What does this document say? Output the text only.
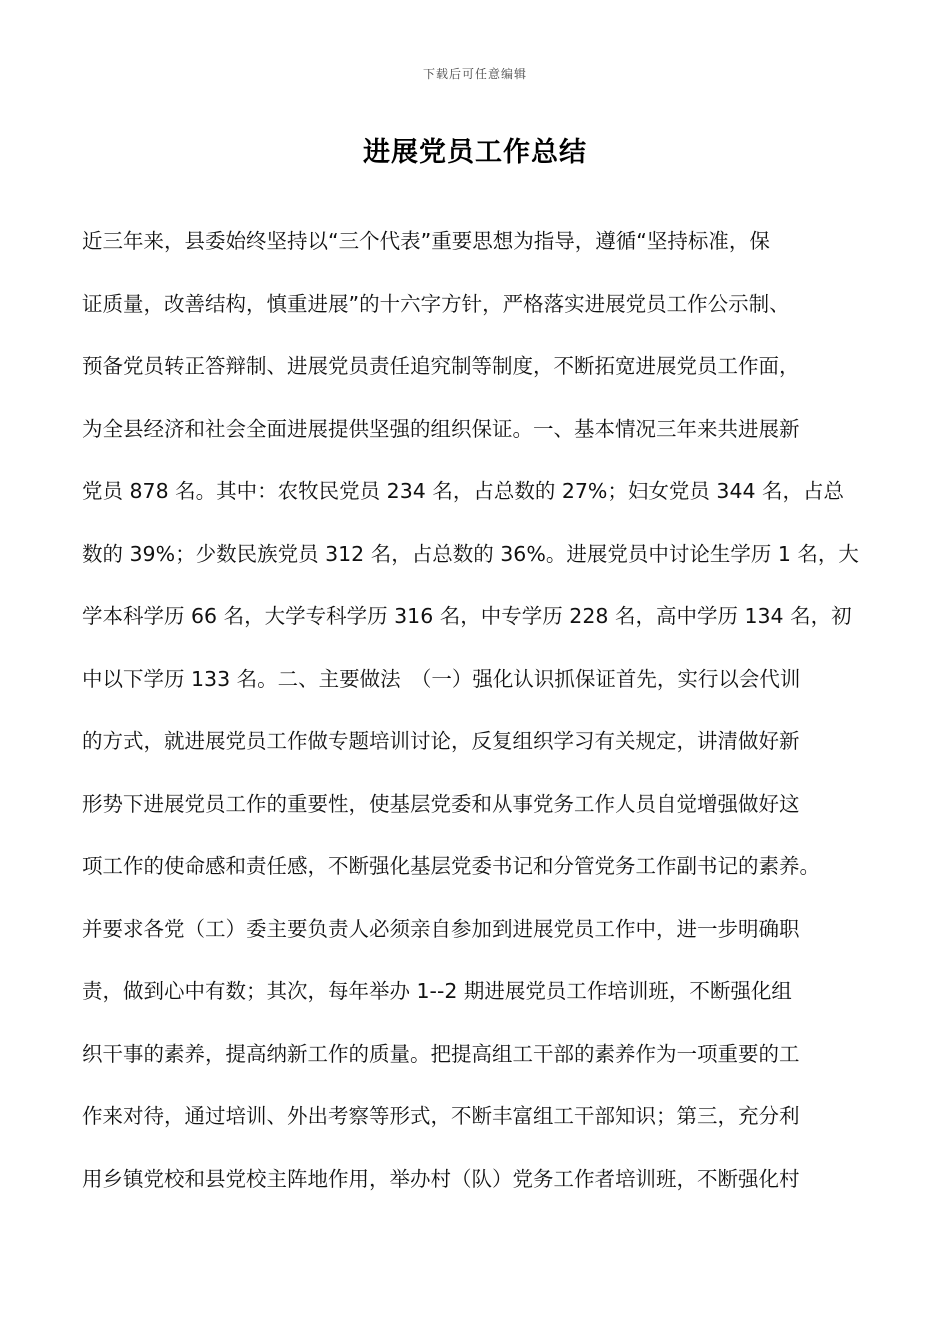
下载后可任意编辑
进展党员工作总结
近三年来，县委始终坚持以“三个代表”重要思想为指导，遵循“坚持标准，保
证质量，改善结构，慎重进展”的十六字方针，严格落实进展党员工作公示制、
预备党员转正答辩制、进展党员责任追究制等制度，不断拓宽进展党员工作面，
为全县经济和社会全面进展提供坚强的组织保证。一、基本情况三年来共进展新
党员 878 名。其中：农牧民党员 234 名，占总数的 27%；妇女党员 344 名，占总
数的 39%；少数民族党员 312 名，占总数的 36%。进展党员中讨论生学历 1 名，大
学本科学历 66 名，大学专科学历 316 名，中专学历 228 名，高中学历 134 名，初
中以下学历 133 名。二、主要做法　（一）强化认识抓保证首先，实行以会代训
的方式，就进展党员工作做专题培训讨论，反复组织学习有关规定，讲清做好新
形势下进展党员工作的重要性，使基层党委和从事党务工作人员自觉增强做好这
项工作的使命感和责任感，不断强化基层党委书记和分管党务工作副书记的素养。
并要求各党（工）委主要负责人必须亲自参加到进展党员工作中，进一步明确职
责，做到心中有数；其次，每年举办 1--2 期进展党员工作培训班，不断强化组
织干事的素养，提高纳新工作的质量。把提高组工干部的素养作为一项重要的工
作来对待，通过培训、外出考察等形式，不断丰富组工干部知识；第三，充分利
用乡镇党校和县党校主阵地作用，举办村（队）党务工作者培训班，不断强化村
